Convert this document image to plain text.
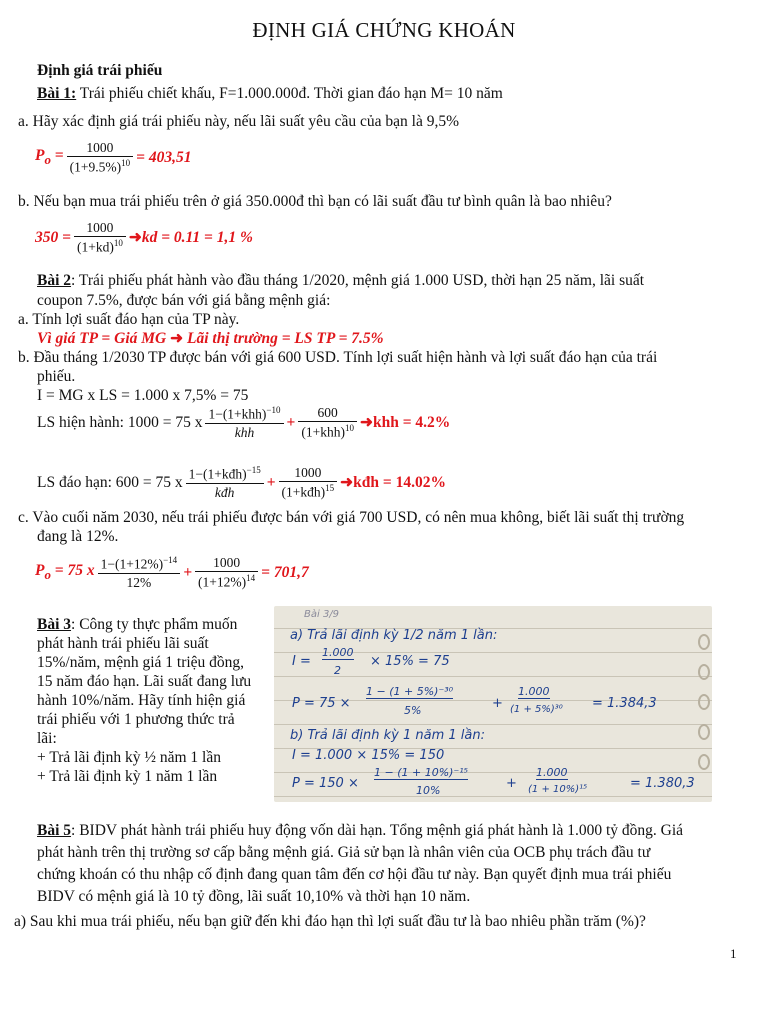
ĐỊNH GIÁ CHỨNG KHOÁN
Định giá trái phiếu
Bài 1: Trái phiếu chiết khấu, F=1.000.000đ. Thời gian đáo hạn M= 10 năm
a. Hãy xác định giá trái phiếu này, nếu lãi suất yêu cầu của bạn là 9,5%
$P_o = \frac{1000}{(1+9.5\%)^{10}} = 403,51$
b. Nếu bạn mua trái phiếu trên ở giá 350.000đ thì bạn có lãi suất đầu tư bình quân là bao nhiêu?
$350 = \frac{1000}{(1+kd)^{10}}$ ➜ kd = 0.11 = 1,1 %
Bài 2: Trái phiếu phát hành vào đầu tháng 1/2020, mệnh giá 1.000 USD, thời hạn 25 năm, lãi suất
coupon 7.5%, được bán với giá bằng mệnh giá:
a. Tính lợi suất đáo hạn của TP này.
Vì giá TP = Giá MG ➜ Lãi thị trường = LS TP = 7.5%
b. Đầu tháng 1/2030 TP được bán với giá 600 USD. Tính lợi suất hiện hành và lợi suất đáo hạn của trái
phiếu.
I = MG x LS = 1.000 x 7,5% = 75
LS hiện hành: 1000 = 75 x $\frac{1-(1+khh)^{-10}}{\text{khh}} + \frac{600}{(1+khh)^{10}}$ ➜ khh = 4.2%
LS đáo hạn: 600 = 75 x $\frac{1-(1+kđh)^{-15}}{\text{kđh}} + \frac{1000}{(1+kđh)^{15}}$ ➜ kđh = 14.02%
c. Vào cuối năm 2030, nếu trái phiếu được bán với giá 700 USD, có nên mua không, biết lãi suất thị trường
đang là 12%.
$P_o = 75$ x $\frac{1-(1+12\%)^{-14}}{12\%} + \frac{1000}{(1+12\%)^{14}} = 701,7$
Bài 3: Công ty thực phẩm muốn
phát hành trái phiếu lãi suất
15%/năm, mệnh giá 1 triệu đồng,
15 năm đáo hạn. Lãi suất đang lưu
hành 10%/năm. Hãy tính hiện giá
trái phiếu với 1 phương thức trả
lãi:
+ Trả lãi định kỳ ½ năm 1 lần
+ Trả lãi định kỳ 1 năm 1 lần
Bài 3/9
a) Trả lãi định kỳ 1/2 năm 1 lần:
I =
1.000
2
× 15% = 75
P = 75 ×
1 − (1 + 5%)⁻³⁰
5%	+
1.000
(1 + 5%)³⁰ = 1.384,3
b) Trả lãi định kỳ 1 năm 1 lần:
I = 1.000 × 15% = 150
P = 150 ×
1 − (1 + 10%)⁻¹⁵
10%	+
1.000
(1 + 10%)¹⁵	= 1.380,3
Bài 5: BIDV phát hành trái phiếu huy động vốn dài hạn. Tổng mệnh giá phát hành là 1.000 tỷ đồng. Giá
phát hành trên thị trường sơ cấp bằng mệnh giá. Giả sử bạn là nhân viên của OCB phụ trách đầu tư
chứng khoán có thu nhập cố định đang quan tâm đến cơ hội đầu tư này. Bạn quyết định mua trái phiếu
BIDV có mệnh giá là 10 tỷ đồng, lãi suất 10,10% và thời hạn 10 năm.
a) Sau khi mua trái phiếu, nếu bạn giữ đến khi đáo hạn thì lợi suất đầu tư là bao nhiêu phần trăm (%)?
1
